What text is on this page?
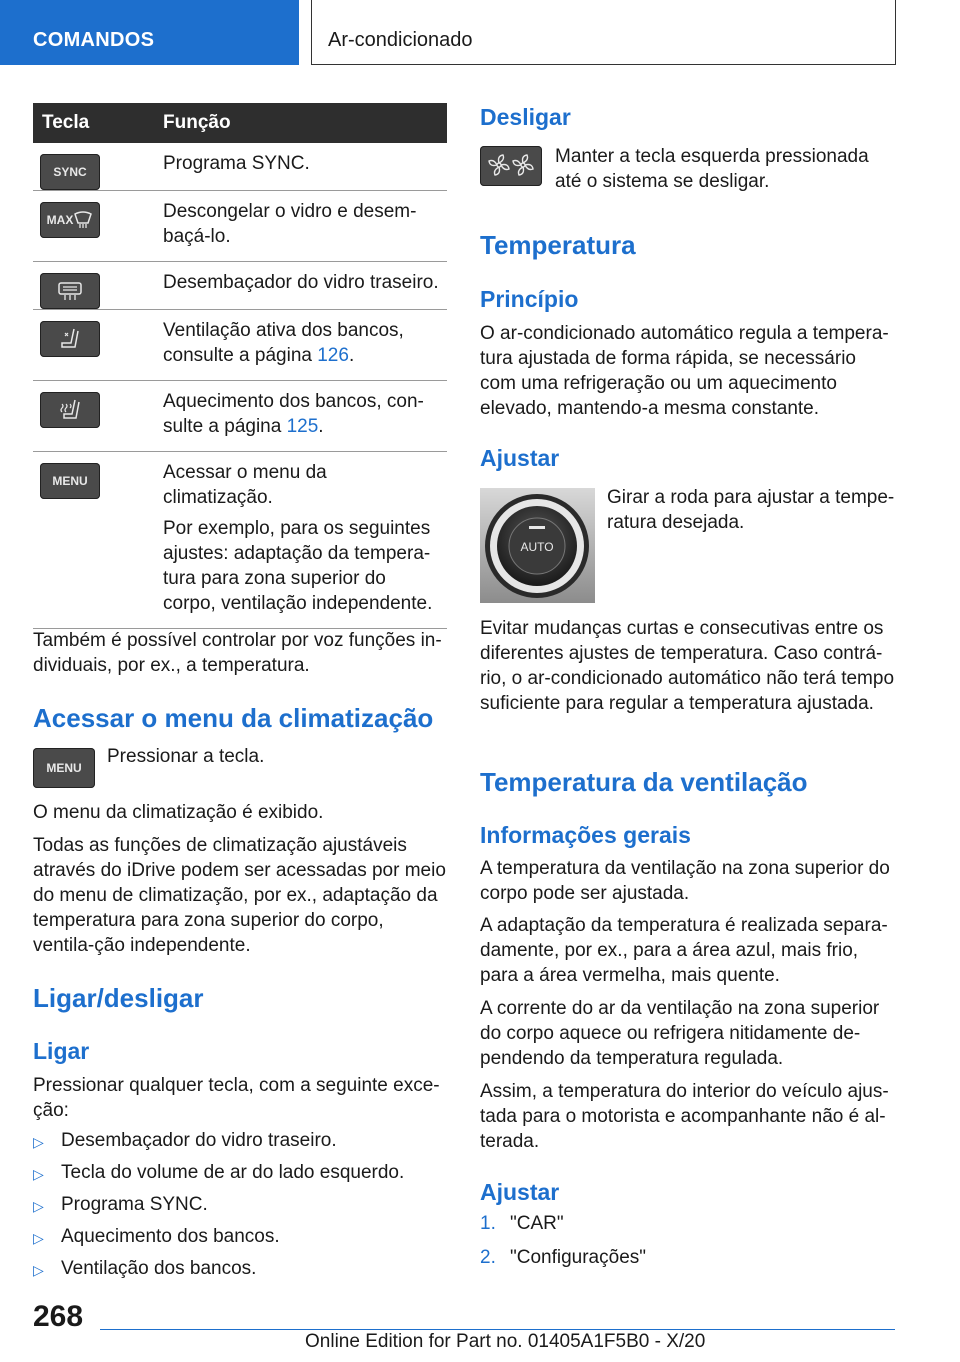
COMANDOS	Ar-condicionado
Tecla	Função

SYNC	Programa SYNC.

MAX	Descongelar o vidro e desem-baçá-lo.

Desembaçador do vidro traseiro.

Ventilação ativa dos bancos, consulte a página 126.

Aquecimento dos bancos, con-sulte a página 125.

MENU	Acessar o menu da climatização.

Por exemplo, para os seguintes ajustes: adaptação da tempera-tura para zona superior do corpo, ventilação independente.

Também é possível controlar por voz funções in-dividuais, por ex., a temperatura.

Acessar o menu da climatização
MENU

Pressionar a tecla.

O menu da climatização é exibido.

Todas as funções de climatização ajustáveis através do iDrive podem ser acessadas por meio do menu de climatização, por ex., adaptação da temperatura para zona superior do corpo, ventila-ção independente.

Ligar/desligar
Ligar

Pressionar qualquer tecla, com a seguinte exce-ção:

▷ Desembaçador do vidro traseiro.
▷ Tecla do volume de ar do lado esquerdo.
▷ Programa SYNC.
▷ Aquecimento dos bancos.
▷ Ventilação dos bancos.
Desligar

Manter a tecla esquerda pressionada até o sistema se desligar.

Temperatura
Princípio

O ar-condicionado automático regula a tempera-tura ajustada de forma rápida, se necessário com uma refrigeração ou um aquecimento elevado, mantendo-a mesma constante.

Ajustar
AUTO

Girar a roda para ajustar a tempe-ratura desejada.

Evitar mudanças curtas e consecutivas entre os diferentes ajustes de temperatura. Caso contrá-rio, o ar-condicionado automático não terá tempo suficiente para regular a temperatura ajustada.

Temperatura da ventilação
Informações gerais

A temperatura da ventilação na zona superior do corpo pode ser ajustada.

A adaptação da temperatura é realizada separa-damente, por ex., para a área azul, mais frio, para a área vermelha, mais quente.

A corrente do ar da ventilação na zona superior do corpo aquece ou refrigera nitidamente de-pendendo da temperatura regulada.

Assim, a temperatura do interior do veículo ajus-tada para o motorista e acompanhante não é al-terada.

Ajustar
1. "CAR"
2. "Configurações"
268
Online Edition for Part no. 01405A1F5B0 - X/20
